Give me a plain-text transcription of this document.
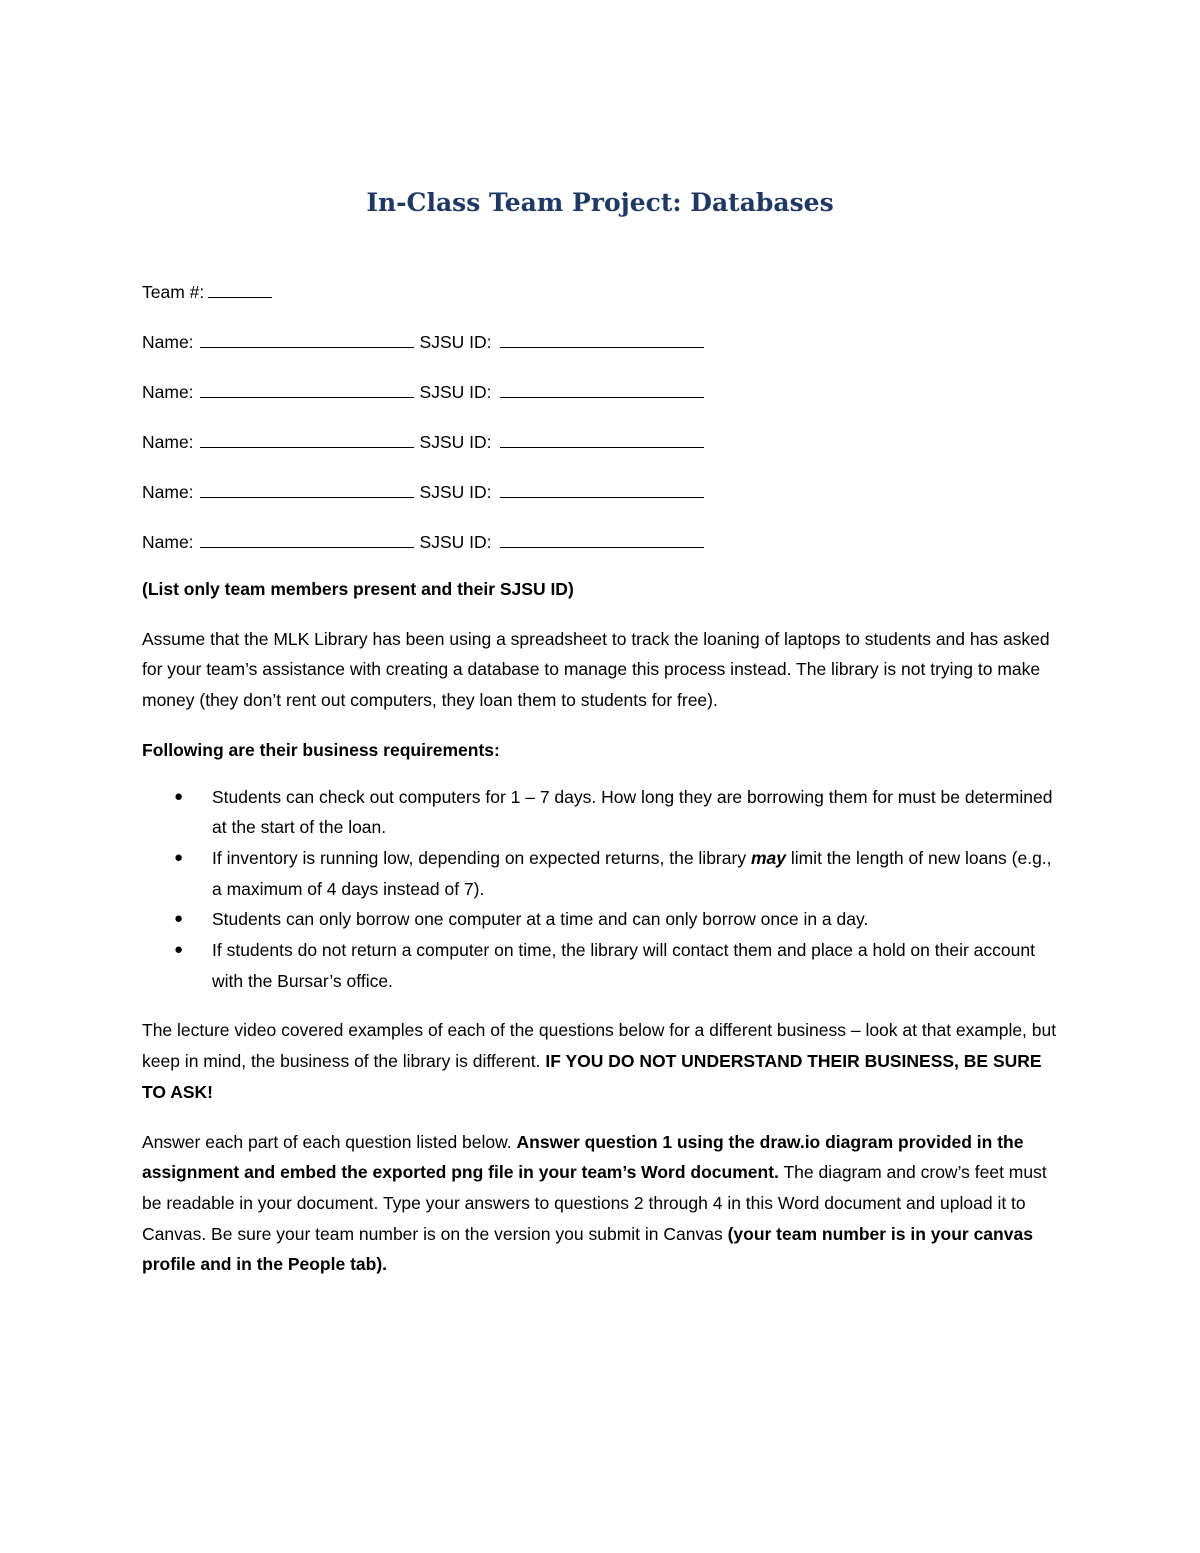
In-Class Team Project: Databases
Team #:
Name:	SJSU ID:
Name:	SJSU ID:
Name:	SJSU ID:
Name:	SJSU ID:
Name:	SJSU ID:

(List only team members present and their SJSU ID)

Assume that the MLK Library has been using a spreadsheet to track the loaning of laptops to students and has asked for your team’s assistance with creating a database to manage this process instead. The library is not trying to make money (they don’t rent out computers, they loan them to students for free).

Following are their business requirements:

● Students can check out computers for 1 – 7 days. How long they are borrowing them for must be determined at the start of the loan.
● If inventory is running low, depending on expected returns, the library may limit the length of new loans (e.g., a maximum of 4 days instead of 7).
● Students can only borrow one computer at a time and can only borrow once in a day.
● If students do not return a computer on time, the library will contact them and place a hold on their account with the Bursar’s office.

The lecture video covered examples of each of the questions below for a different business – look at that example, but keep in mind, the business of the library is different. IF YOU DO NOT UNDERSTAND THEIR BUSINESS, BE SURE TO ASK!

Answer each part of each question listed below. Answer question 1 using the draw.io diagram provided in the assignment and embed the exported png file in your team’s Word document. The diagram and crow’s feet must be readable in your document. Type your answers to questions 2 through 4 in this Word document and upload it to Canvas. Be sure your team number is on the version you submit in Canvas (your team number is in your canvas profile and in the People tab).
